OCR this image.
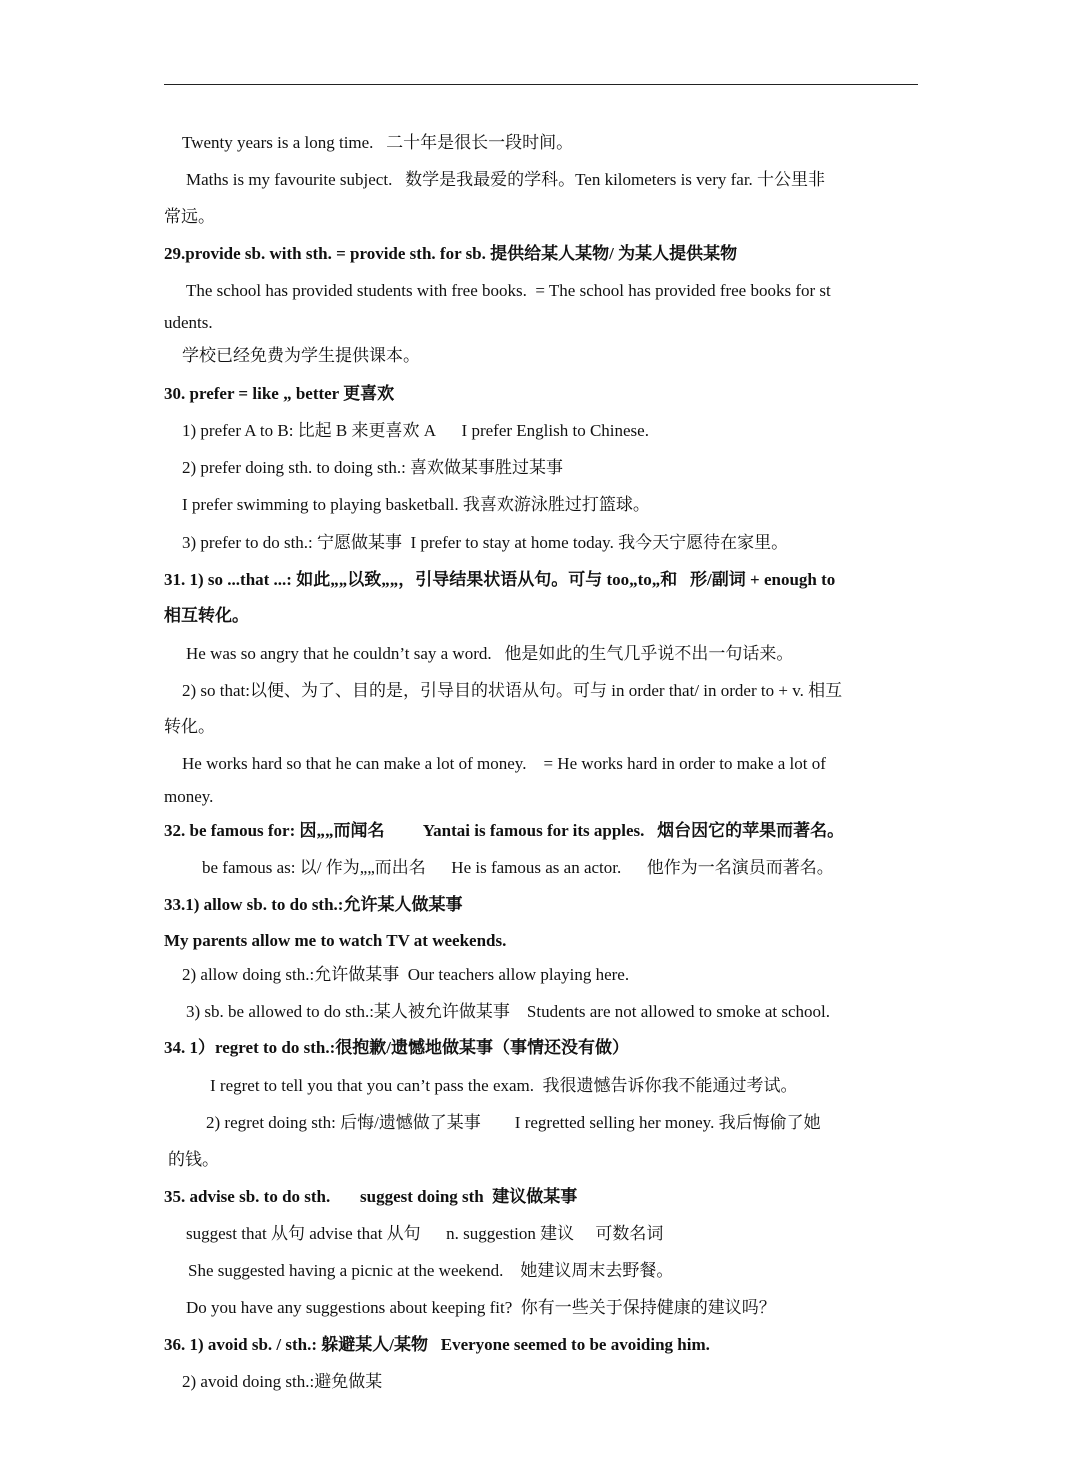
Twenty years is a long time.   二十年是很长一段时间。
Maths is my favourite subject.   数学是我最爱的学科。Ten kilometers is very far. 十公里非
常远。
29.provide sb. with sth. = provide sth. for sb. 提供给某人某物/ 为某人提供某物
The school has provided students with free books.  = The school has provided free books for st
udents.
学校已经免费为学生提供课本。
30. prefer = like „ better 更喜欢
1) prefer A to B: 比起 B 来更喜欢 A      I prefer English to Chinese.
2) prefer doing sth. to doing sth.: 喜欢做某事胜过某事
I prefer swimming to playing basketball. 我喜欢游泳胜过打篮球。
3) prefer to do sth.: 宁愿做某事  I prefer to stay at home today. 我今天宁愿待在家里。
31. 1) so ...that ...: 如此„„以致„„，引导结果状语从句。可与 too„to„和   形/副词 + enough to
相互转化。
He was so angry that he couldn’t say a word.   他是如此的生气几乎说不出一句话来。
2) so that:以便、为了、目的是，引导目的状语从句。可与 in order that/ in order to + v. 相互
转化。
He works hard so that he can make a lot of money.    = He works hard in order to make a lot of
money.
32. be famous for: 因„„而闻名         Yantai is famous for its apples.   烟台因它的苹果而著名。
be famous as: 以/ 作为„„而出名      He is famous as an actor.      他作为一名演员而著名。
33.1) allow sb. to do sth.:允许某人做某事
My parents allow me to watch TV at weekends.
2) allow doing sth.:允许做某事  Our teachers allow playing here.
3) sb. be allowed to do sth.:某人被允许做某事    Students are not allowed to smoke at school.
34. 1）regret to do sth.:很抱歉/遗憾地做某事（事情还没有做）
I regret to tell you that you can’t pass the exam.  我很遗憾告诉你我不能通过考试。
2) regret doing sth: 后悔/遗憾做了某事        I regretted selling her money. 我后悔偷了她
的钱。
35. advise sb. to do sth.       suggest doing sth  建议做某事
suggest that 从句 advise that 从句      n. suggestion 建议     可数名词
She suggested having a picnic at the weekend.    她建议周末去野餐。
Do you have any suggestions about keeping fit?  你有一些关于保持健康的建议吗？
36. 1) avoid sb. / sth.: 躲避某人/某物   Everyone seemed to be avoiding him.
2) avoid doing sth.:避免做某
